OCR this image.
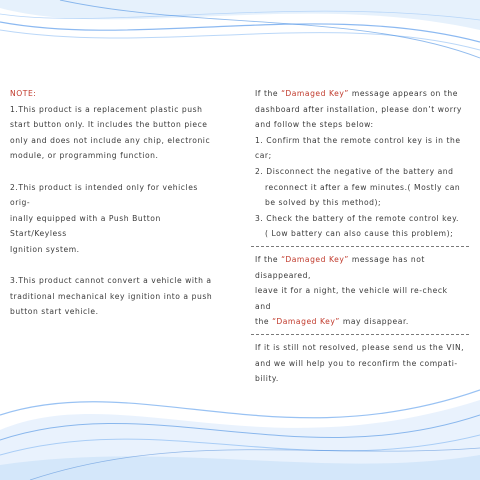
NOTE:

1.This product is a replacement plastic push

start button only. It includes the button piece

only and does not include any chip, electronic

module, or programming function.

2.This product is intended only for vehicles orig-

inally equipped with a Push Button Start/Keyless

Ignition system.

3.This product cannot convert a vehicle with a

traditional mechanical key ignition into a push

button start vehicle.

If the “Damaged Key” message appears on the

dashboard after installation, please don’t worry

and follow the steps below:

1. Confirm that the remote control key is in the car;

2. Disconnect the negative of the battery and

reconnect it after a few minutes.( Mostly can

be solved by this method);

3. Check the battery of the remote control key.

( Low battery can also cause this problem);

If the “Damaged Key” message has not disappeared,

leave it for a night, the vehicle will re-check and

the “Damaged Key” may disappear.

If it is still not resolved, please send us the VIN,

and we will help you to reconfirm the compati-

bility.
